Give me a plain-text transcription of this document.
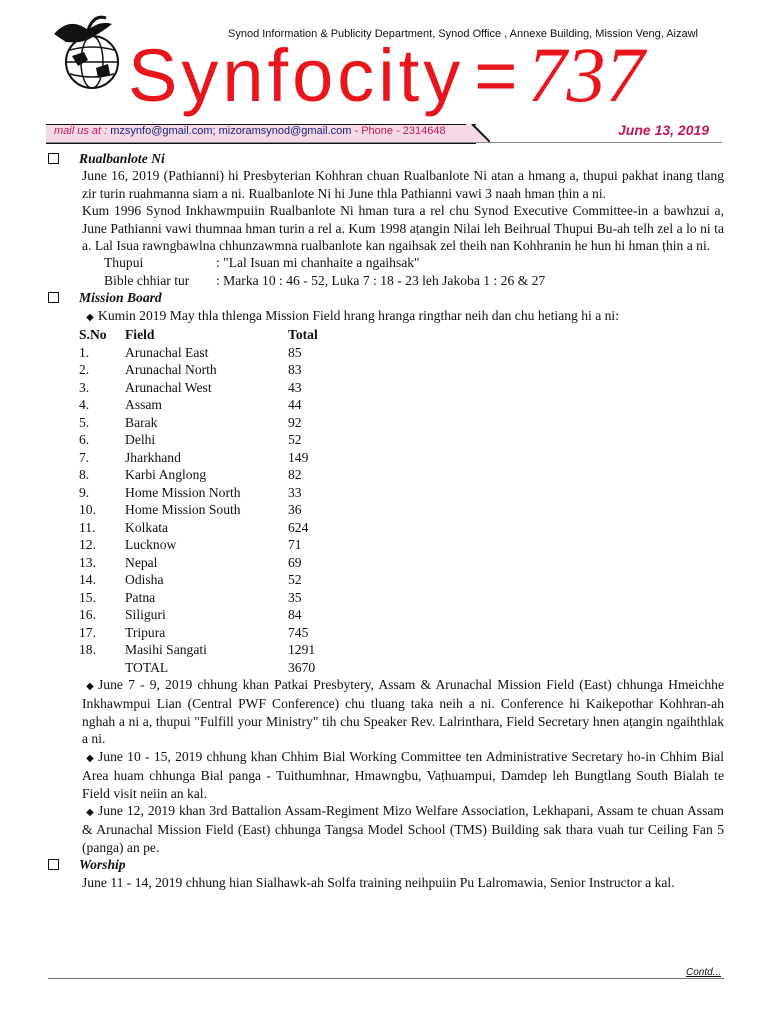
Synod Information & Publicity Department, Synod Office , Annexe Building, Mission Veng, Aizawl
Synfocity = 737
mail us at : mzsynfo@gmail.com; mizoramsynod@gmail.com - Phone - 2314648	June 13, 2019
Rualbanlote Ni
June 16, 2019 (Pathianni) hi Presbyterian Kohhran chuan Rualbanlote Ni atan a hmang a, thupui pakhat inang tlang zir turin ruahmanna siam a ni. Rualbanlote Ni hi June thla Pathianni vawi 3 naah hman ṭhin a ni.
Kum 1996 Synod Inkhawmpuiin Rualbanlote Ni hman tura a rel chu Synod Executive Committee-in a bawhzui a, June Pathianni vawi thumnaa hman turin a rel a. Kum 1998 aṭangin Nilai leh Beihrual Thupui Bu-ah telh zel a lo ni ta a. Lal Isua rawngbawlna chhunzawmna rualbanlote kan ngaihsak zel theih nan Kohhranin he hun hi hman ṭhin a ni.
Thupui	: "Lal Isuan mi chanhaite a ngaihsak"
Bible chhiar tur	: Marka 10 : 46 - 52, Luka 7 : 18 - 23 leh Jakoba 1 : 26 & 27
Mission Board
◆ Kumin 2019 May thla thlenga Mission Field hrang hranga ringthar neih dan chu hetiang hi a ni:
S.No	Field	Total
1.	Arunachal East	85
2.	Arunachal North	83
3.	Arunachal West	43
4.	Assam	44
5.	Barak	92
6.	Delhi	52
7.	Jharkhand	149
8.	Karbi Anglong	82
9.	Home Mission North	33
10.	Home Mission South	36
11.	Kolkata	624
12.	Lucknow	71
13.	Nepal	69
14.	Odisha	52
15.	Patna	35
16.	Siliguri	84
17.	Tripura	745
18.	Masihi Sangati	1291
	TOTAL	3670
◆ June 7 - 9, 2019 chhung khan Patkai Presbytery, Assam & Arunachal Mission Field (East) chhunga Hmeichhe Inkhawmpui Lian (Central PWF Conference) chu tluang taka neih a ni. Conference hi Kaikepothar Kohhran-ah nghah a ni a, thupui "Fulfill your Ministry" tih chu Speaker Rev. Lalrinthara, Field Secretary hnen aṭangin ngaihthlak a ni.
◆ June 10 - 15, 2019 chhung khan Chhim Bial Working Committee ten Administrative Secretary ho-in Chhim Bial Area huam chhunga Bial panga - Tuithumhnar, Hmawngbu, Vaṭhuampui, Damdep leh Bungtlang South Bialah te Field visit neiin an kal.
◆ June 12, 2019 khan 3rd Battalion Assam-Regiment Mizo Welfare Association, Lekhapani, Assam te chuan Assam & Arunachal Mission Field (East) chhunga Tangsa Model School (TMS) Building sak thara vuah tur Ceiling Fan 5 (panga) an pe.
Worship
June 11 - 14, 2019 chhung hian Sialhawk-ah Solfa training neihpuiin Pu Lalromawia, Senior Instructor a kal.
Contd...
